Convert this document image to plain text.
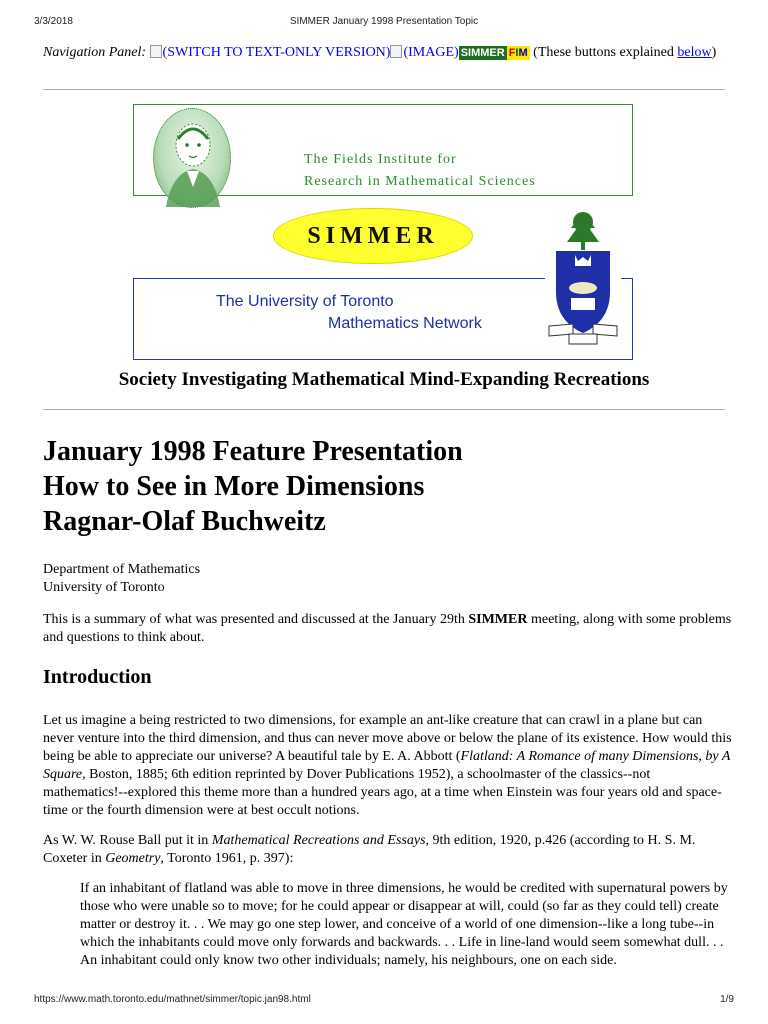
3/3/2018	SIMMER January 1998 Presentation Topic
Navigation Panel: (SWITCH TO TEXT-ONLY VERSION) (IMAGE) SIMMER FIM (These buttons explained below)
The Fields Institute for
Research in Mathematical Sciences
SIMMER
The University of Toronto
Mathematics Network
Society Investigating Mathematical Mind-Expanding Recreations
January 1998 Feature Presentation
How to See in More Dimensions
Ragnar-Olaf Buchweitz
Department of Mathematics
University of Toronto

This is a summary of what was presented and discussed at the January 29th SIMMER meeting, along with some problems and questions to think about.

Introduction

Let us imagine a being restricted to two dimensions, for example an ant-like creature that can crawl in a plane but can never venture into the third dimension, and thus can never move above or below the plane of its existence. How would this being be able to appreciate our universe? A beautiful tale by E. A. Abbott (Flatland: A Romance of many Dimensions, by A Square, Boston, 1885; 6th edition reprinted by Dover Publications 1952), a schoolmaster of the classics--not mathematics!--explored this theme more than a hundred years ago, at a time when Einstein was four years old and space-time or the fourth dimension were at best occult notions.

As W. W. Rouse Ball put it in Mathematical Recreations and Essays, 9th edition, 1920, p.426 (according to H. S. M. Coxeter in Geometry, Toronto 1961, p. 397):

If an inhabitant of flatland was able to move in three dimensions, he would be credited with supernatural powers by those who were unable so to move; for he could appear or disappear at will, could (so far as they could tell) create matter or destroy it. . . We may go one step lower, and conceive of a world of one dimension--like a long tube--in which the inhabitants could move only forwards and backwards. . . Life in line-land would seem somewhat dull. . . An inhabitant could only know two other individuals; namely, his neighbours, one on each side.
https://www.math.toronto.edu/mathnet/simmer/topic.jan98.html	1/9
